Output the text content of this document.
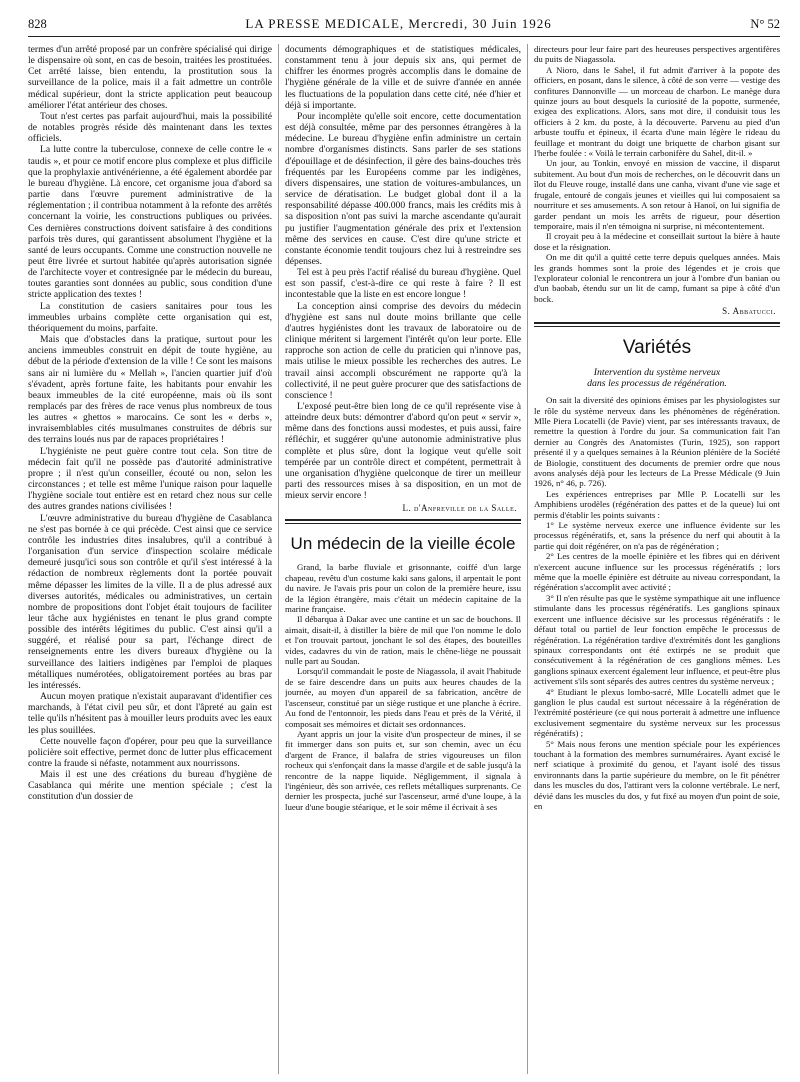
828	LA PRESSE MEDICALE, Mercredi, 30 Juin 1926	N° 52

termes d'un arrêté proposé par un confrère spécialisé qui dirige le dispensaire où sont, en cas de besoin, traitées les prostituées. Cet arrêté laisse, bien entendu, la prostitution sous la surveillance de la police, mais il a fait admettre un contrôle médical supérieur, dont la stricte application peut beaucoup améliorer l'état antérieur des choses.

Tout n'est certes pas parfait aujourd'hui, mais la possibilité de notables progrès réside dès maintenant dans les textes officiels.

La lutte contre la tuberculose, connexe de celle contre le « taudis », et pour ce motif encore plus complexe et plus difficile que la prophylaxie antivénérienne, a été également abordée par le bureau d'hygiène. Là encore, cet organisme joua d'abord sa partie dans l'œuvre purement administrative de la réglementation ; il contribua notamment à la refonte des arrêtés concernant la voirie, les constructions publiques ou privées. Ces dernières constructions doivent satisfaire à des conditions parfois très dures, qui garantissent absolument l'hygiène et la santé de leurs occupants. Comme une construction nouvelle ne peut être livrée et surtout habitée qu'après autorisation signée de l'architecte voyer et contresignée par le médecin du bureau, toutes garanties sont données au public, sous condition d'une stricte application des textes !

La constitution de casiers sanitaires pour tous les immeubles urbains complète cette organisation qui est, théoriquement du moins, parfaite.

Mais que d'obstacles dans la pratique, surtout pour les anciens immeubles construit en dépit de toute hygiène, au début de la période d'extension de la ville ! Ce sont les maisons sans air ni lumière du « Mellah », l'ancien quartier juif d'où s'évadent, après fortune faite, les habitants pour envahir les beaux immeubles de la cité européenne, mais où ils sont remplacés par des frères de race venus plus nombreux de tous les autres « ghettos » marocains. Ce sont les « derbs », invraisemblables cités musulmanes construites de débris sur des terrains loués nus par de rapaces propriétaires !

L'hygiéniste ne peut guère contre tout cela. Son titre de médecin fait qu'il ne possède pas d'autorité administrative propre ; il n'est qu'un conseiller, écouté ou non, selon les circonstances ; et telle est même l'unique raison pour laquelle l'hygiène sociale tout entière est en retard chez nous sur celle des autres grandes nations civilisées !

L'œuvre administrative du bureau d'hygiène de Casablanca ne s'est pas bornée à ce qui précède. C'est ainsi que ce service contrôle les industries dites insalubres, qu'il a contribué à l'organisation d'un service d'inspection scolaire médicale demeuré jusqu'ici sous son contrôle et qu'il s'est intéressé à la rédaction de nombreux règlements dont la portée pouvait même dépasser les limites de la ville. Il a de plus adressé aux diverses autorités, médicales ou administratives, un certain nombre de propositions dont l'objet était toujours de faciliter leur tâche aux hygiénistes en tenant le plus grand compte possible des intérêts légitimes du public. C'est ainsi qu'il a suggéré, et réalisé pour sa part, l'échange direct de renseignements entre les divers bureaux d'hygiène ou la surveillance des laitiers indigènes par l'emploi de plaques métalliques numérotées, obligatoirement portées au bras par les intéressés.

Aucun moyen pratique n'existait auparavant d'identifier ces marchands, à l'état civil peu sûr, et dont l'âpreté au gain est telle qu'ils n'hésitent pas à mouiller leurs produits avec les eaux les plus souillées.

Cette nouvelle façon d'opérer, pour peu que la surveillance policière soit effective, permet donc de lutter plus efficacement contre la fraude si néfaste, notamment aux nourrissons.

Mais il est une des créations du bureau d'hygiène de Casablanca qui mérite une mention spéciale ; c'est la constitution d'un dossier de

documents démographiques et de statistiques médicales, constamment tenu à jour depuis six ans, qui permet de chiffrer les énormes progrès accomplis dans le domaine de l'hygiène générale de la ville et de suivre d'année en année les fluctuations de la population dans cette cité, née d'hier et déjà si importante.

Pour incomplète qu'elle soit encore, cette documentation est déjà consultée, même par des personnes étrangères à la médecine. Le bureau d'hygiène enfin administre un certain nombre d'organismes distincts. Sans parler de ses stations d'épouillage et de désinfection, il gère des bains-douches très fréquentés par les Européens comme par les indigènes, divers dispensaires, une station de voitures-ambulances, un service de dératisation. Le budget global dont il a la responsabilité dépasse 400.000 francs, mais les crédits mis à sa disposition n'ont pas suivi la marche ascendante qu'aurait pu justifier l'augmentation générale des prix et l'extension même des services en cause. C'est dire qu'une stricte et constante économie tendit toujours chez lui à restreindre ses dépenses.

Tel est à peu près l'actif réalisé du bureau d'hygiène. Quel est son passif, c'est-à-dire ce qui reste à faire ? Il est incontestable que la liste en est encore longue !

La conception ainsi comprise des devoirs du médecin d'hygiène est sans nul doute moins brillante que celle d'autres hygiénistes dont les travaux de laboratoire ou de clinique méritent si largement l'intérêt qu'on leur porte. Elle rapproche son action de celle du praticien qui n'innove pas, mais utilise le mieux possible les recherches des autres. Le travail ainsi accompli obscurément ne rapporte qu'à la collectivité, il ne peut guère procurer que des satisfactions de conscience !

L'exposé peut-être bien long de ce qu'il représente vise à atteindre deux buts: démontrer d'abord qu'on peut « servir », même dans des fonctions aussi modestes, et puis aussi, faire réfléchir, et suggérer qu'une autonomie administrative plus complète et plus sûre, dont la logique veut qu'elle soit tempérée par un contrôle direct et compétent, permettrait à une organisation d'hygiène quelconque de tirer un meilleur parti des ressources mises à sa disposition, en un mot de mieux servir encore !

L. d'Anfreville de la Salle.
Un médecin de la vieille école

Grand, la barbe fluviale et grisonnante, coiffé d'un large chapeau, revêtu d'un costume kaki sans galons, il arpentait le pont du navire. Je l'avais pris pour un colon de la première heure, issu de la légion étrangère, mais c'était un médecin capitaine de la marine française.

Il débarqua à Dakar avec une cantine et un sac de bouchons. Il aimait, disait-il, à distiller la bière de mil que l'on nomme le dolo et l'on trouvait partout, jonchant le sol des étapes, des bouteilles vides, cadavres du vin de ration, mais le chêne-liège ne poussait nulle part au Soudan.

Lorsqu'il commandait le poste de Niagassola, il avait l'habitude de se faire descendre dans un puits aux heures chaudes de la journée, au moyen d'un appareil de sa fabrication, ancêtre de l'ascenseur, constitué par un siège rustique et une planche à écrire. Au fond de l'entonnoir, les pieds dans l'eau et près de la Vérité, il composait ses mémoires et dictait ses ordonnances.

Ayant appris un jour la visite d'un prospecteur de mines, il se fit immerger dans son puits et, sur son chemin, avec un écu d'argent de France, il balafra de stries vigoureuses un filon rocheux qui s'enfonçait dans la masse d'argile et de sable jusqu'à la rencontre de la nappe liquide. Négligemment, il signala à l'ingénieur, dès son arrivée, ces reflets métalliques surprenants. Ce dernier les prospecta, juché sur l'ascenseur, armé d'une loupe, à la lueur d'une bougie stéarique, et le soir même il écrivait à ses

directeurs pour leur faire part des heureuses perspectives argentifères du puits de Niagassola.

A Nioro, dans le Sahel, il fut admit d'arriver à la popote des officiers, en posant, dans le silence, à côté de son verre — vestige des confitures Dannonville — un morceau de charbon. Le manège dura quinze jours au bout desquels la curiosité de la popotte, surmenée, exigea des explications. Alors, sans mot dire, il conduisit tous les officiers à 2 km. du poste, à la découverte. Parvenu au pied d'un arbuste touffu et épineux, il écarta d'une main légère le rideau du feuillage et montrant du doigt une briquette de charbon gisant sur l'herbe foulée : « Voilà le terrain carbonifère du Sahel, dit-il. »

Un jour, au Tonkin, envoyé en mission de vaccine, il disparut subitement. Au bout d'un mois de recherches, on le découvrit dans un îlot du Fleuve rouge, installé dans une canha, vivant d'une vie sage et frugale, entouré de congaïs jeunes et vieilles qui lui composaient sa nourriture et ses amusements. A son retour à Hanoï, on lui signifia de garder pendant un mois les arrêts de rigueur, pour désertion temporaire, mais il n'en témoigna ni surprise, ni mécontentement.

Il croyait peu à la médecine et conseillait surtout la bière à haute dose et la résignation.

On me dit qu'il a quitté cette terre depuis quelques années. Mais les grands hommes sont la proie des légendes et je crois que l'explorateur colonial le rencontrera un jour à l'ombre d'un banian ou d'un baobab, étendu sur un lit de camp, fumant sa pipe à côté d'un bock.

S. Abbatucci.
Variétés
Intervention du système nerveux
dans les processus de régénération.

On sait la diversité des opinions émises par les physiologistes sur le rôle du système nerveux dans les phénomènes de régénération. Mlle Piera Locatelli (de Pavie) vient, par ses intéressants travaux, de remettre la question à l'ordre du jour. Sa communication fait l'an dernier au Congrès des Anatomistes (Turin, 1925), son rapport présenté il y a quelques semaines à la Réunion plénière de la Société de Biologie, constituent des documents de premier ordre que nous avons analysés déjà pour les lecteurs de La Presse Médicale (9 Juin 1926, n° 46, p. 726).

Les expériences entreprises par Mlle P. Locatelli sur les Amphibiens urodèles (régénération des pattes et de la queue) lui ont permis d'établir les points suivants :

1° Le système nerveux exerce une influence évidente sur les processus régénératifs, et, sans la présence du nerf qui aboutit à la partie qui doit régénérer, on n'a pas de régénération ;

2° Les centres de la moelle épinière et les fibres qui en dérivent n'exercent aucune influence sur les processus régénératifs ; lors même que la moelle épinière est détruite au niveau correspondant, la régénération s'accomplit avec activité ;

3° Il n'en résulte pas que le système sympathique ait une influence stimulante dans les processus régénératifs. Les ganglions spinaux exercent une influence décisive sur les processus régénératifs : le défaut total ou partiel de leur fonction empêche le processus de régénération. La régénération tardive d'extrémités dont les ganglions spinaux correspondants ont été extirpés ne se produit que consécutivement à la régénération de ces ganglions mêmes. Les ganglions spinaux exercent également leur influence, et peut-être plus activement s'ils sont séparés des autres centres du système nerveux ;

4° Etudiant le plexus lombo-sacré, Mlle Locatelli admet que le ganglion le plus caudal est surtout nécessaire à la régénération de l'extrémité postérieure (ce qui nous porterait à admettre une influence exclusivement segmentaire du système nerveux sur les processus régénératifs) ;

5° Mais nous ferons une mention spéciale pour les expériences touchant à la formation des membres surnuméraires. Ayant excisé le nerf sciatique à proximité du genou, et l'ayant isolé des tissus environnants dans la partie supérieure du membre, on le fit pénétrer dans les muscles du dos, l'attirant vers la colonne vertébrale. Le nerf, dévié dans les muscles du dos, y fut fixé au moyen d'un point de soie, en
